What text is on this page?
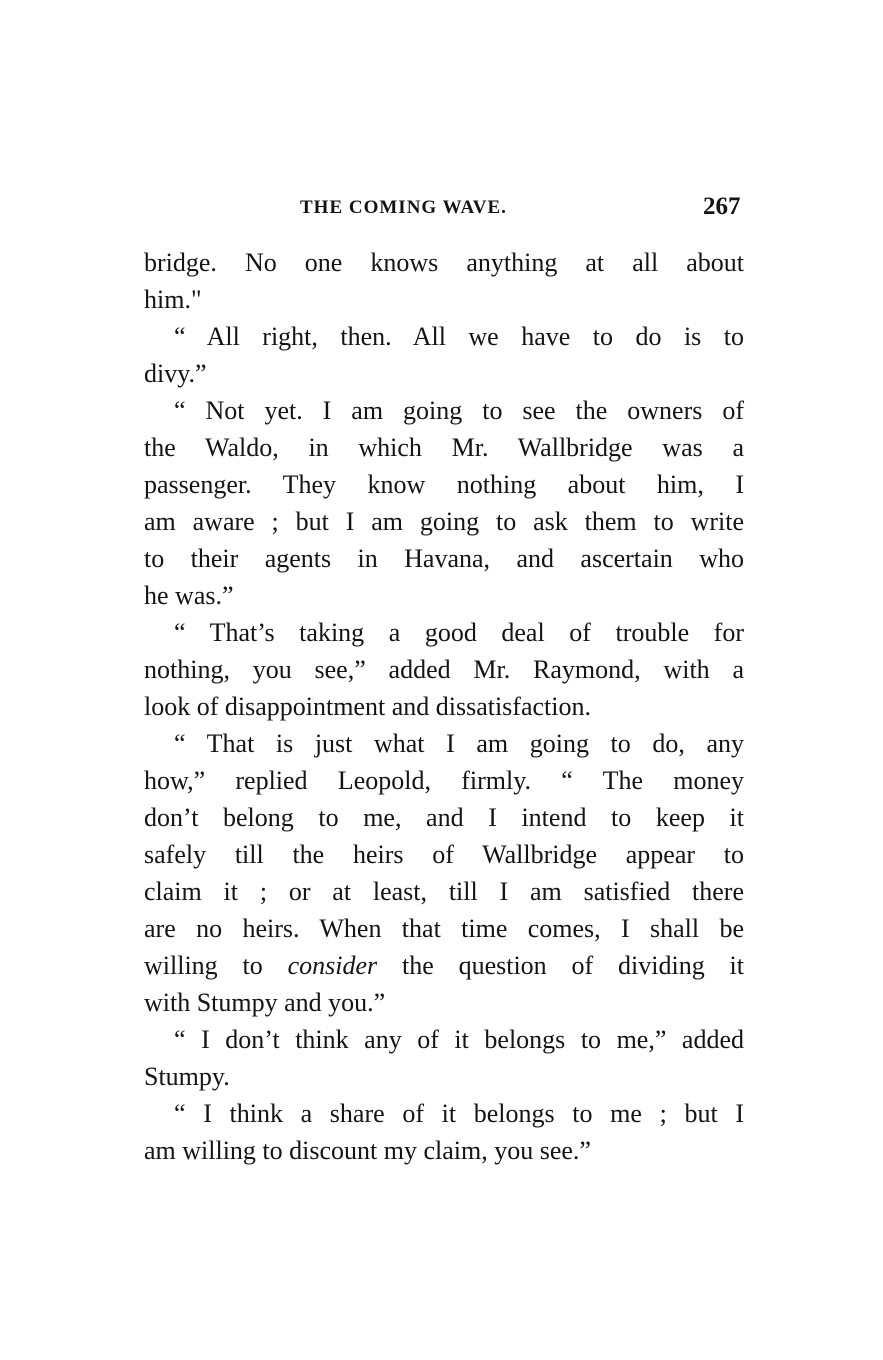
THE COMING WAVE.	267
bridge. No one knows anything at all about
him."
“ All right, then. All we have to do is to
divy.”
“ Not yet. I am going to see the owners of
the Waldo, in which Mr. Wallbridge was a
passenger. They know nothing about him, I
am aware ; but I am going to ask them to write
to their agents in Havana, and ascertain who
he was.”
“ That’s taking a good deal of trouble for
nothing, you see,” added Mr. Raymond, with a
look of disappointment and dissatisfaction.
“ That is just what I am going to do, any
how,” replied Leopold, firmly. “ The money
don’t belong to me, and I intend to keep it
safely till the heirs of Wallbridge appear to
claim it ; or at least, till I am satisfied there
are no heirs. When that time comes, I shall be
willing to consider the question of dividing it
with Stumpy and you.”
“ I don’t think any of it belongs to me,” added
Stumpy.
“ I think a share of it belongs to me ; but I
am willing to discount my claim, you see.”
